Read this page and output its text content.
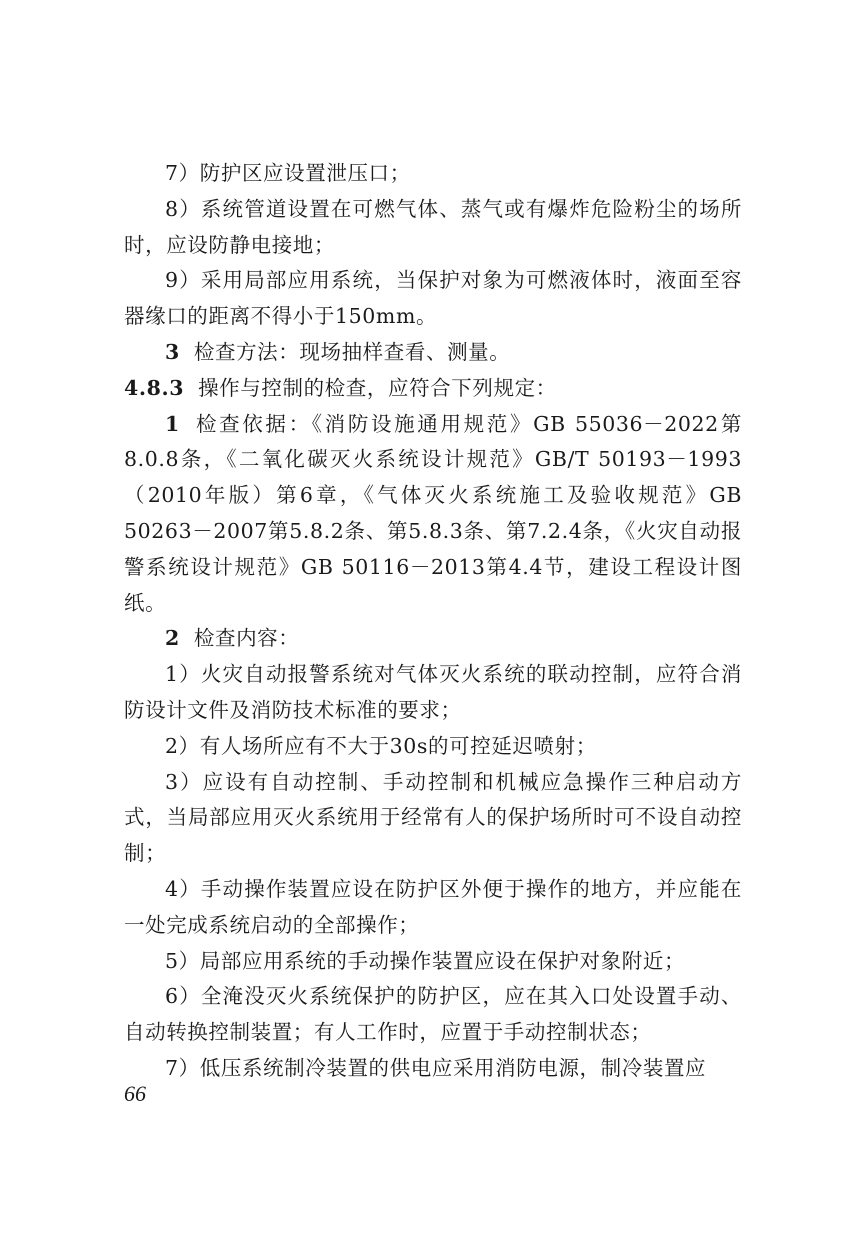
7）防护区应设置泄压口；

8）系统管道设置在可燃气体、蒸气或有爆炸危险粉尘的场所时，应设防静电接地；

9）采用局部应用系统，当保护对象为可燃液体时，液面至容器缘口的距离不得小于150mm。

3 检查方法：现场抽样查看、测量。

4.8.3 操作与控制的检查，应符合下列规定：

1 检查依据：《消防设施通用规范》GB 55036－2022第8.0.8条，《二氧化碳灭火系统设计规范》GB/T 50193－1993（2010年版）第6章，《气体灭火系统施工及验收规范》GB 50263－2007第5.8.2条、第5.8.3条、第7.2.4条，《火灾自动报警系统设计规范》GB 50116－2013第4.4节，建设工程设计图纸。

2 检查内容：

1）火灾自动报警系统对气体灭火系统的联动控制，应符合消防设计文件及消防技术标准的要求；

2）有人场所应有不大于30s的可控延迟喷射；

3）应设有自动控制、手动控制和机械应急操作三种启动方式，当局部应用灭火系统用于经常有人的保护场所时可不设自动控制；

4）手动操作装置应设在防护区外便于操作的地方，并应能在一处完成系统启动的全部操作；

5）局部应用系统的手动操作装置应设在保护对象附近；

6）全淹没灭火系统保护的防护区，应在其入口处设置手动、自动转换控制装置；有人工作时，应置于手动控制状态；

7）低压系统制冷装置的供电应采用消防电源，制冷装置应

66
